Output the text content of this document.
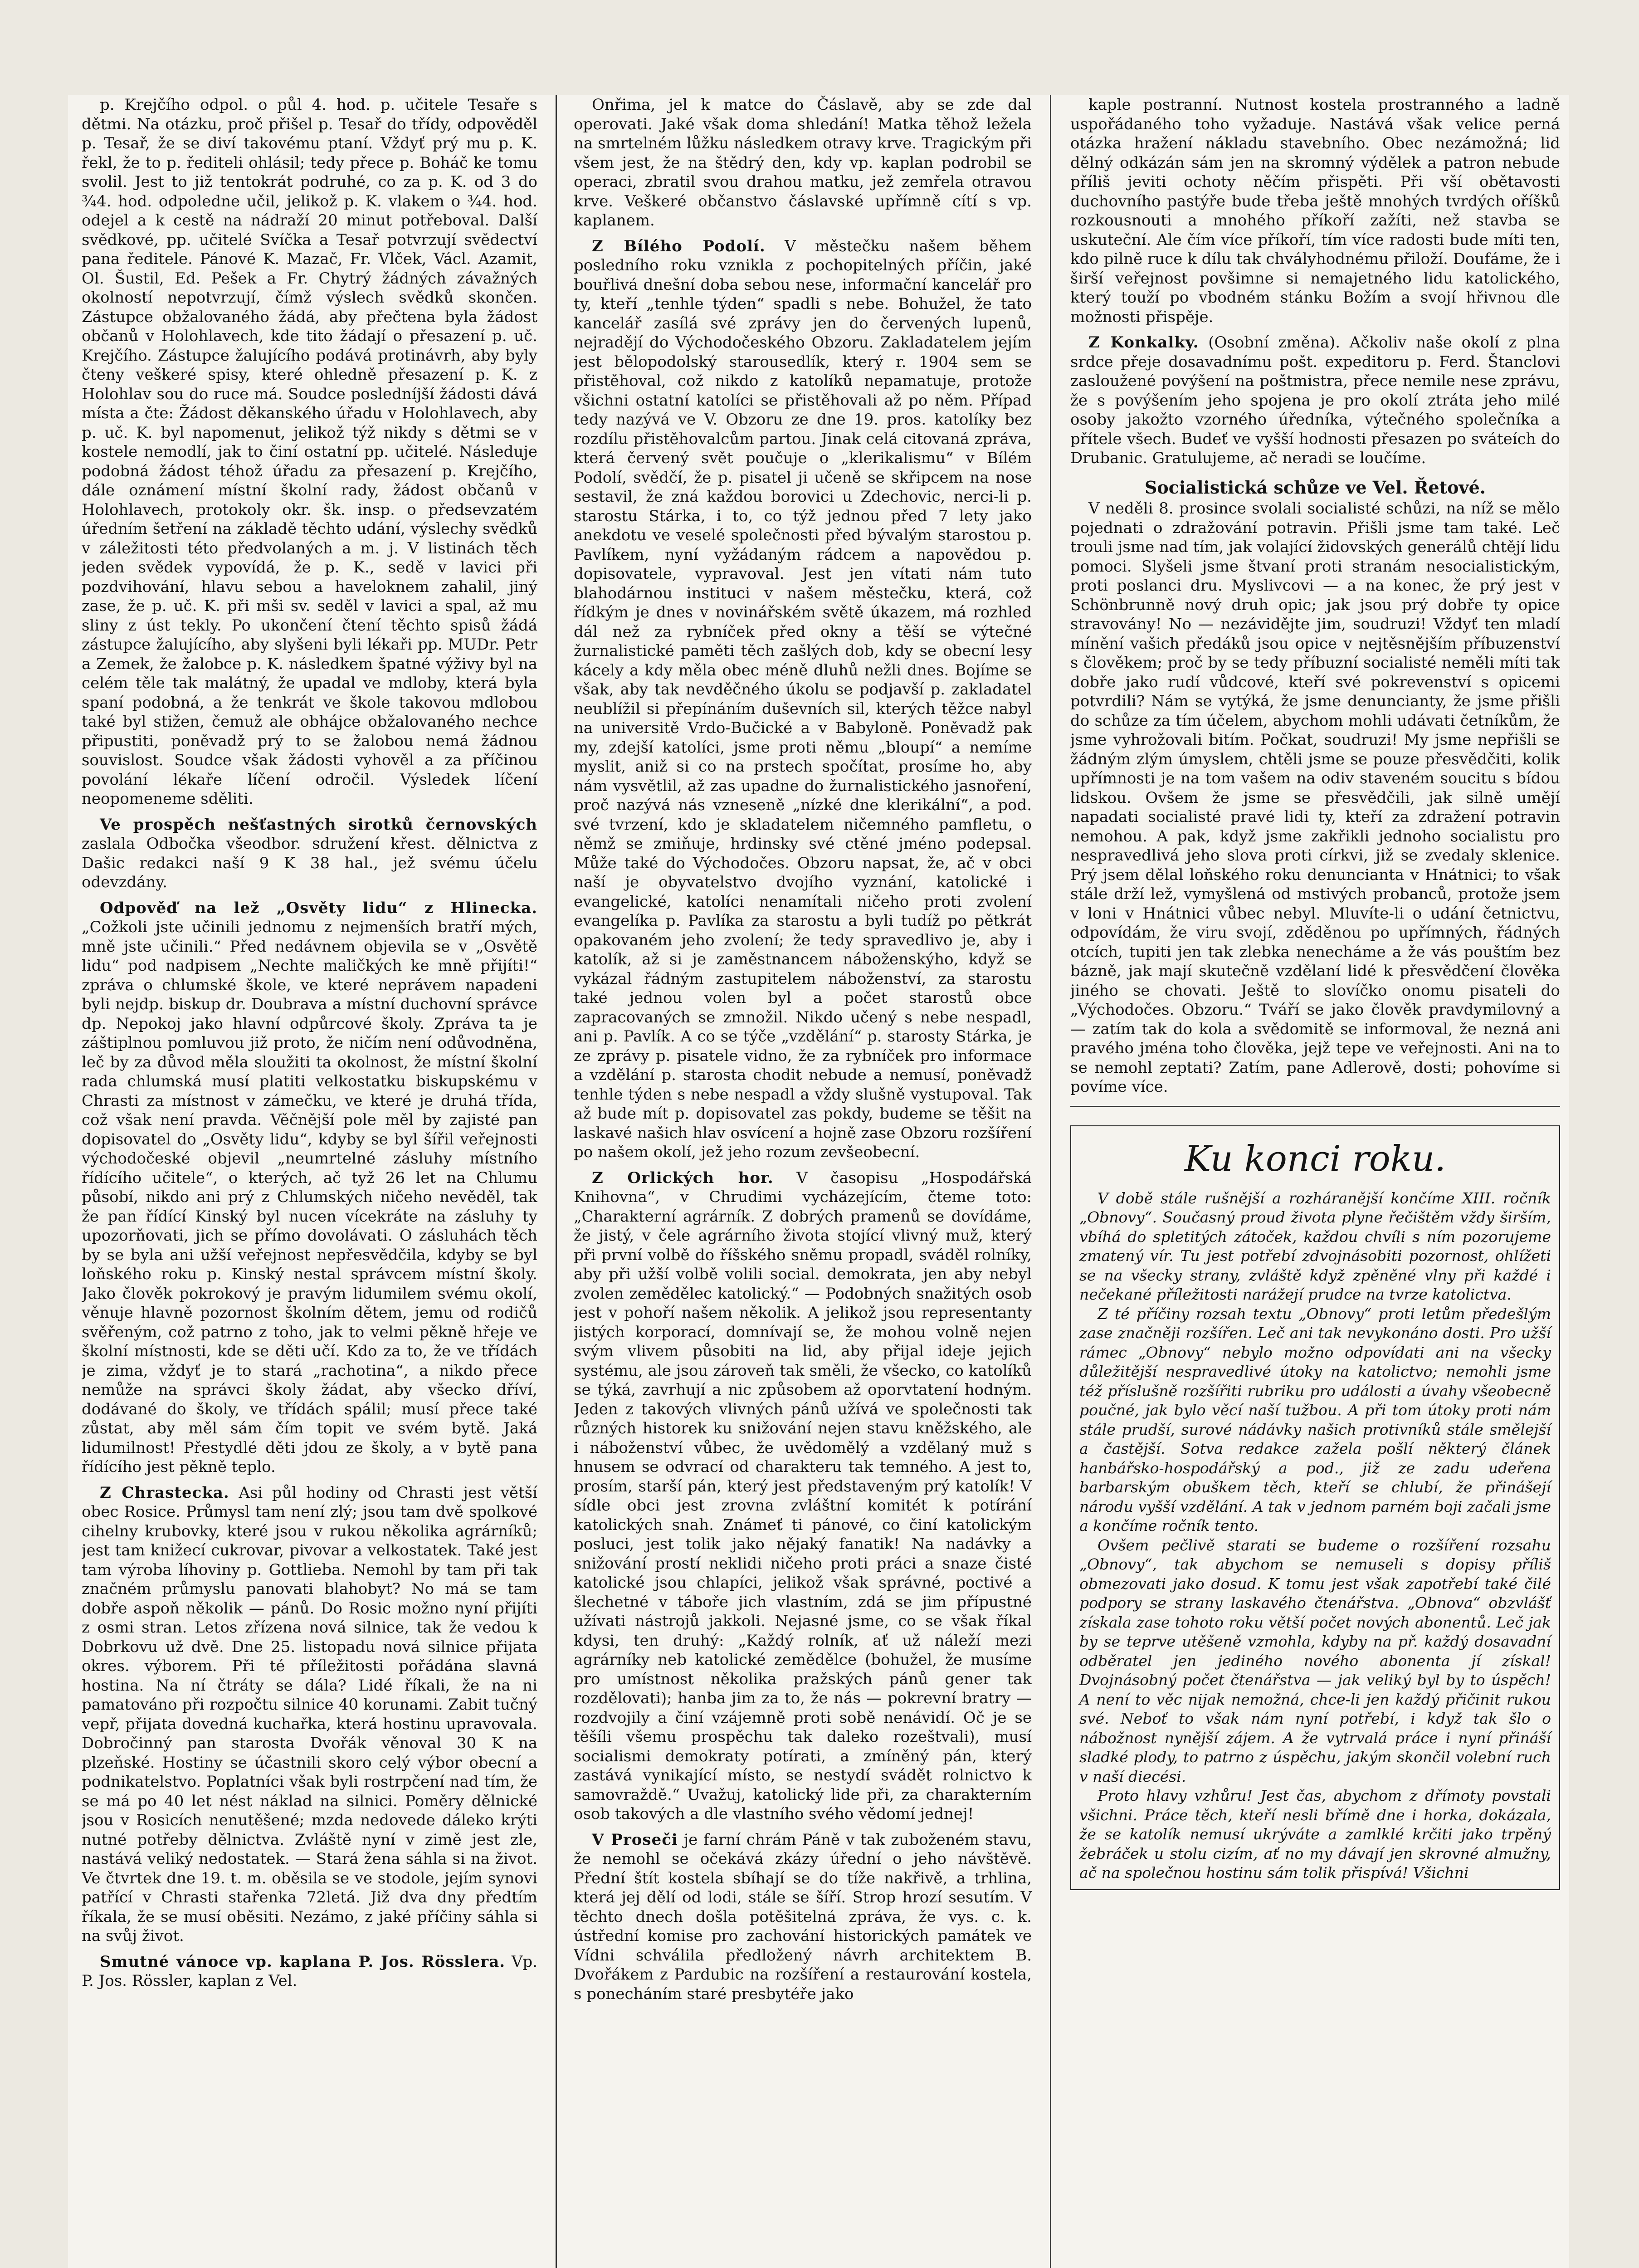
p. Krejčího odpol. o půl 4. hod. p. učitele Tesaře s dětmi. Na otázku, proč přišel p. Tesař do třídy, odpověděl p. Tesař, že se diví takovému ptaní. Vždyť prý mu p. K. řekl, že to p. řediteli ohlásil; tedy přece p. Boháč ke tomu svolil. Jest to již tentokrát podruhé, co za p. K. od 3 do ¾4. hod. odpoledne učil, jelikož p. K. vlakem o ¾4. hod. odejel a k cestě na nádraží 20 minut potřeboval. Další svědkové, pp. učitelé Svíčka a Tesař potvrzují svědectví pana ředitele. Pánové K. Mazač, Fr. Vlček, Václ. Azamit, Ol. Šustil, Ed. Pešek a Fr. Chytrý žádných závažných okolností nepotvrzují, čímž výslech svědků skončen. Zástupce obžalovaného žádá, aby přečtena byla žádost občanů v Holohlavech, kde tito žádají o přesazení p. uč. Krejčího. Zástupce žalujícího podává protinávrh, aby byly čteny veškeré spisy, které ohledně přesazení p. K. z Holohlav sou do ruce má. Soudce posledníjší žádosti dává místa a čte: Žádost děkanského úřadu v Holohlavech, aby p. uč. K. byl napomenut, jelikož týž nikdy s dětmi se v kostele nemodlí, jak to činí ostatní pp. učitelé. Následuje podobná žádost téhož úřadu za přesazení p. Krejčího, dále oznámení místní školní rady, žádost občanů v Holohlavech, protokoly okr. šk. insp. o předsevzatém úředním šetření na základě těchto udání, výslechy svědků v záležitosti této předvolaných a m. j. V listinách těch jeden svědek vypovídá, že p. K., sedě v lavici při pozdvihování, hlavu sebou a haveloknem zahalil, jiný zase, že p. uč. K. při mši sv. seděl v lavici a spal, až mu sliny z úst tekly. Po ukončení čtení těchto spisů žádá zástupce žalujícího, aby slyšeni byli lékaři pp. MUDr. Petr a Zemek, že žalobce p. K. následkem špatné výživy byl na celém těle tak malátný, že upadal ve mdloby, která byla spaní podobná, a že tenkrát ve škole takovou mdlobou také byl stižen, čemuž ale obhájce obžalovaného nechce připustiti, poněvadž prý to se žalobou nemá žádnou souvislost. Soudce však žádosti vyhověl a za příčinou povolání lékaře líčení odročil. Výsledek líčení neopomeneme sděliti.

Ve prospěch nešťastných sirotků černovských zaslala Odbočka všeodbor. sdružení křest. dělnictva z Dašic redakci naší 9 K 38 hal., jež svému účelu odevzdány.

Odpověď na lež „Osvěty lidu“ z Hlinecka. „Cožkoli jste učinili jednomu z nejmenších bratří mých, mně jste učinili.“ Před nedávnem objevila se v „Osvětě lidu“ pod nadpisem „Nechte maličkých ke mně přijíti!“ zpráva o chlumské škole, ve které neprávem napadeni byli nejdp. biskup dr. Doubrava a místní duchovní správce dp. Nepokoj jako hlavní odpůrcové školy. Zpráva ta je záštiplnou pomluvou již proto, že ničím není odůvodněna, leč by za důvod měla sloužiti ta okolnost, že místní školní rada chlumská musí platiti velkostatku biskupskému v Chrasti za místnost v zámečku, ve které je druhá třída, což však není pravda. Věčnější pole měl by zajisté pan dopisovatel do „Osvěty lidu“, kdyby se byl šířil veřejnosti východočeské objevil „neumrtelné zásluhy místního řídícího učitele“, o kterých, ač tyž 26 let na Chlumu působí, nikdo ani prý z Chlumských ničeho nevěděl, tak že pan řídící Kinský byl nucen vícekráte na zásluhy ty upozorňovati, jich se přímo dovolávati. O zásluhách těch by se byla ani užší veřejnost nepřesvědčila, kdyby se byl loňského roku p. Kinský nestal správcem místní školy. Jako člověk pokrokový je pravým lidumilem svému okolí, věnuje hlavně pozornost školním dětem, jemu od rodičů svěřeným, což patrno z toho, jak to velmi pěkně hřeje ve školní místnosti, kde se děti učí. Kdo za to, že ve třídách je zima, vždyť je to stará „rachotina“, a nikdo přece nemůže na správci školy žádat, aby všecko dříví, dodávané do školy, ve třídách spálil; musí přece také zůstat, aby měl sám čím topit ve svém bytě. Jaká lidumilnost! Přestydlé děti jdou ze školy, a v bytě pana řídícího jest pěkně teplo.

Z Chrastecka. Asi půl hodiny od Chrasti jest větší obec Rosice. Průmysl tam není zlý; jsou tam dvě spolkové cihelny krubovky, které jsou v rukou několika agrárníků; jest tam knižecí cukrovar, pivovar a velkostatek. Také jest tam výroba líhoviny p. Gottlieba. Nemohl by tam při tak značném průmyslu panovati blahobyt? No má se tam dobře aspoň několik — pánů. Do Rosic možno nyní přijíti z osmi stran. Letos zřízena nová silnice, tak že vedou k Dobrkovu už dvě. Dne 25. listopadu nová silnice přijata okres. výborem. Při té příležitosti pořádána slavná hostina. Na ní čtráty se dála? Lidé říkali, že na ni pamatováno při rozpočtu silnice 40 korunami. Zabit tučný vepř, přijata dovedná kuchařka, která hostinu upravovala. Dobročinný pan starosta Dvořák věnoval 30 K na plzeňské. Hostiny se účastnili skoro celý výbor obecní a podnikatelstvo. Poplatníci však byli rostrpčení nad tím, že se má po 40 let nést náklad na silnici. Poměry dělnické jsou v Rosicích nenutěšené; mzda nedovede dáleko krýti nutné potřeby dělnictva. Zvláště nyní v zimě jest zle, nastává veliký nedostatek. — Stará žena sáhla si na život. Ve čtvrtek dne 19. t. m. oběsila se ve stodole, jejím synovi patřící v Chrasti stařenka 72letá. Již dva dny předtím říkala, že se musí oběsiti. Nezámo, z jaké příčiny sáhla si na svůj život.

Smutné vánoce vp. kaplana P. Jos. Rösslera. Vp. P. Jos. Rössler, kaplan z Vel.

Onřima, jel k matce do Čáslavě, aby se zde dal operovati. Jaké však doma shledání! Matka těhož ležela na smrtelném lůžku následkem otravy krve. Tragickým při všem jest, že na štědrý den, kdy vp. kaplan podrobil se operaci, zbratil svou drahou matku, jež zemřela otravou krve. Veškeré občanstvo čáslavské upřímně cítí s vp. kaplanem.

Z Bílého Podolí. V městečku našem během posledního roku vznikla z pochopitelných příčin, jaké bouřlivá dnešní doba sebou nese, informační kancelář pro ty, kteří „tenhle týden“ spadli s nebe. Bohužel, že tato kancelář zasílá své zprávy jen do červených lupenů, nejradějí do Východočeského Obzoru. Zakladatelem jejím jest bělopodolský starousedlík, který r. 1904 sem se přistěhoval, což nikdo z katolíků nepamatuje, protože všichni ostatní katolíci se přistěhovali až po něm. Případ tedy nazývá ve V. Obzoru ze dne 19. pros. katolíky bez rozdílu přistěhovalcům partou. Jinak celá citovaná zpráva, která červený svět poučuje o „klerikalismu“ v Bílém Podolí, svědčí, že p. pisatel ji učeně se skřipcem na nose sestavil, že zná každou borovici u Zdechovic, nerci-li p. starostu Stárka, i to, co týž jednou před 7 lety jako anekdotu ve veselé společnosti před bývalým starostou p. Pavlíkem, nyní vyžádaným rádcem a napovědou p. dopisovatele, vypravoval. Jest jen vítati nám tuto blahodárnou instituci v našem městečku, která, což řídkým je dnes v novinářském světě úkazem, má rozhled dál než za rybníček před okny a těší se výtečné žurnalistické paměti těch zašlých dob, kdy se obecní lesy kácely a kdy měla obec méně dluhů nežli dnes. Bojíme se však, aby tak nevděčného úkolu se podjavší p. zakladatel neublížil si přepínáním duševních sil, kterých těžce nabyl na universitě Vrdo-Bučické a v Babyloně. Poněvadž pak my, zdejší katolíci, jsme proti němu „bloupí“ a nemíme myslit, aniž si co na prstech spočítat, prosíme ho, aby nám vysvětlil, až zas upadne do žurnalistického jasnoření, proč nazývá nás vzneseně „nízké dne klerikální“, a pod. své tvrzení, kdo je skladatelem ničemného pamfletu, o němž se zmiňuje, hrdinsky své ctěné jméno podepsal. Může také do Východočes. Obzoru napsat, že, ač v obci naší je obyvatelstvo dvojího vyznání, katolické i evangelické, katolíci nenamítali ničeho proti zvolení evangelíka p. Pavlíka za starostu a byli tudíž po pětkrát opakovaném jeho zvolení; že tedy spravedlivo je, aby i katolík, až si je zaměstnancem náboženskýho, když se vykázal řádným zastupitelem náboženství, za starostu také jednou volen byl a počet starostů obce zapracovaných se zmnožil. Nikdo učený s nebe nespadl, ani p. Pavlík. A co se týče „vzdělání“ p. starosty Stárka, je ze zprávy p. pisatele vidno, že za rybníček pro informace a vzdělání p. starosta chodit nebude a nemusí, poněvadž tenhle týden s nebe nespadl a vždy slušně vystupoval. Tak až bude mít p. dopisovatel zas pokdy, budeme se těšit na laskavé našich hlav osvícení a hojně zase Obzoru rozšíření po našem okolí, jež jeho rozum zevšeobecní.

Z Orlických hor. V časopisu „Hospodářská Knihovna“, v Chrudimi vycházejícím, čteme toto: „Charakterní agrárník. Z dobrých pramenů se dovídáme, že jistý, v čele agrárního života stojící vlivný muž, který při první volbě do říšského sněmu propadl, sváděl rolníky, aby při užší volbě volili social. demokrata, jen aby nebyl zvolen zemědělec katolický.“ — Podobných snažitých osob jest v pohoří našem několik. A jelikož jsou representanty jistých korporací, domnívají se, že mohou volně nejen svým vlivem působiti na lid, aby přijal ideje jejich systému, ale jsou zároveň tak směli, že všecko, co katolíků se týká, zavrhují a nic způsobem až oporvtatení hodným. Jeden z takových vlivných pánů užívá ve společnosti tak různých historek ku snižování nejen stavu kněžského, ale i náboženství vůbec, že uvědomělý a vzdělaný muž s hnusem se odvrací od charakteru tak temného. A jest to, prosím, starší pán, který jest představeným prý katolík! V sídle obci jest zrovna zvláštní komitét k potírání katolických snah. Známeť ti pánové, co činí katolickým posluci, jest tolik jako nějaký fanatik! Na nadávky a snižování prostí neklidi ničeho proti práci a snaze čisté katolické jsou chlapíci, jelikož však správné, poctivé a šlechetné v táboře jich vlastním, zdá se jim přípustné užívati nástrojů jakkoli. Nejasné jsme, co se však říkal kdysi, ten druhý: „Každý rolník, ať už náleží mezi agrárníky neb katolické zemědělce (bohužel, že musíme pro umístnost několika pražských pánů gener tak rozdělovati); hanba jim za to, že nás — pokrevní bratry — rozdvojily a činí vzájemně proti sobě nenávidí. Oč je se těšíli všemu prospěchu tak daleko rozeštvali), musí socialismi demokraty potírati, a zmíněný pán, který zastává vynikající místo, se nestydí svádět rolnictvo k samovraždě.“ Uvažuj, katolický lide při, za charakterním osob takových a dle vlastního svého vědomí jednej!

V Proseči je farní chrám Páně v tak zuboženém stavu, že nemohl se očekává zkázy úřední o jeho návštěvě. Přední štít kostela sbíhají se do tíže nakřivě, a trhlina, která jej dělí od lodi, stále se šíří. Strop hrozí sesutím. V těchto dnech došla potěšitelná zpráva, že vys. c. k. ústřední komise pro zachování historických památek ve Vídni schválila předložený návrh architektem B. Dvořákem z Pardubic na rozšíření a restaurování kostela, s ponecháním staré presbytéře jako

kaple postranní. Nutnost kostela prostranného a ladně uspořádaného toho vyžaduje. Nastává však velice perná otázka hražení nákladu stavebního. Obec nezámožná; lid dělný odkázán sám jen na skromný výdělek a patron nebude příliš jeviti ochoty něčím přispěti. Při vší obětavosti duchovního pastýře bude třeba ještě mnohých tvrdých oříšků rozkousnouti a mnohého příkoří zažíti, než stavba se uskuteční. Ale čím více příkoří, tím více radosti bude míti ten, kdo pilně ruce k dílu tak chvályhodnému přiloží. Doufáme, že i širší veřejnost povšimne si nemajetného lidu katolického, který touží po vbodném stánku Božím a svojí hřivnou dle možnosti přispěje.

Z Konkalky. (Osobní změna). Ačkoliv naše okolí z plna srdce přeje dosavadnímu pošt. expeditoru p. Ferd. Štanclovi zasloužené povýšení na poštmistra, přece nemile nese zprávu, že s povýšením jeho spojena je pro okolí ztráta jeho milé osoby jakožto vzorného úředníka, výtečného společníka a přítele všech. Budeť ve vyšší hodnosti přesazen po sváteích do Drubanic. Gratulujeme, ač neradi se loučíme.

Socialistická schůze ve Vel. Řetové.

V neděli 8. prosince svolali socialisté schůzi, na níž se mělo pojednati o zdražování potravin. Přišli jsme tam také. Leč trouli jsme nad tím, jak volající židovských generálů chtějí lidu pomoci. Slyšeli jsme štvaní proti stranám nesocialistickým, proti poslanci dru. Myslivcovi — a na konec, že prý jest v Schönbrunně nový druh opic; jak jsou prý dobře ty opice stravovány! No — nezávidějte jim, soudruzi! Vždyť ten mladí mínění vašich předáků jsou opice v nejtěsnějším příbuzenství s člověkem; proč by se tedy příbuzní socialisté neměli míti tak dobře jako rudí vůdcové, kteří své pokrevenství s opicemi potvrdili? Nám se vytýká, že jsme denuncianty, že jsme přišli do schůze za tím účelem, abychom mohli udávati četníkům, že jsme vyhrožovali bitím. Počkat, soudruzi! My jsme nepřišli se žádným zlým úmyslem, chtěli jsme se pouze přesvědčiti, kolik upřímnosti je na tom vašem na odiv staveném soucitu s bídou lidskou. Ovšem že jsme se přesvědčili, jak silně umějí napadati socialisté pravé lidi ty, kteří za zdražení potravin nemohou. A pak, když jsme zakřikli jednoho socialistu pro nespravedlivá jeho slova proti církvi, již se zvedaly sklenice. Prý jsem dělal loňského roku denuncianta v Hnátnici; to však stále drží lež, vymyšlená od mstivých probanců, protože jsem v loni v Hnátnici vůbec nebyl. Mluvíte-li o udání četnictvu, odpovídám, že viru svojí, zděděnou po upřímných, řádných otcích, tupiti jen tak zlebka nenecháme a že vás pouštím bez bázně, jak mají skutečně vzdělaní lidé k přesvědčení člověka jiného se chovati. Ještě to slovíčko onomu pisateli do „Východočes. Obzoru.“ Tváří se jako člověk pravdymilovný a — zatím tak do kola a svědomitě se informoval, že nezná ani pravého jména toho člověka, jejž tepe ve veřejnosti. Ani na to se nemohl zeptati? Zatím, pane Adlerově, dosti; pohovíme si povíme více.

Ku konci roku.

V době stále rušnější a rozháranější končíme XIII. ročník „Obnovy“. Současný proud života plyne řečištěm vždy širším, vbíhá do spletitých zátoček, každou chvíli s ním pozorujeme zmatený vír. Tu jest potřebí zdvojnásobiti pozornost, ohlížeti se na všecky strany, zvláště když zpěněné vlny při každé i nečekané příležitosti narážejí prudce na tvrze katolictva.

Z té příčiny rozsah textu „Obnovy“ proti letům předešlým zase značněji rozšířen. Leč ani tak nevykonáno dosti. Pro užší rámec „Obnovy“ nebylo možno odpovídati ani na všecky důležitější nespravedlivé útoky na katolictvo; nemohli jsme též příslušně rozšířiti rubriku pro události a úvahy všeobecně poučné, jak bylo věcí naší tužbou. A při tom útoky proti nám stále prudší, surové nádávky našich protivníků stále smělejší a častější. Sotva redakce zažela pošlí některý článek hanbářsko-hospodářský a pod., již ze zadu udeřena barbarským obuškem těch, kteří se chlubí, že přinášejí národu vyšší vzdělání. A tak v jednom parném boji začali jsme a končíme ročník tento.

Ovšem pečlivě starati se budeme o rozšíření rozsahu „Obnovy“, tak abychom se nemuseli s dopisy příliš obmezovati jako dosud. K tomu jest však zapotřebí také čilé podpory se strany laskavého čtenářstva. „Obnova“ obzvlášť získala zase tohoto roku větší počet nových abonentů. Leč jak by se teprve utěšeně vzmohla, kdyby na př. každý dosavadní odběratel jen jediného nového abonenta jí získal! Dvojnásobný počet čtenářstva — jak veliký byl by to úspěch! A není to věc nijak nemožná, chce-li jen každý přičinit rukou své. Neboť to však nám nyní potřebí, i když tak šlo o nábožnost nynější zájem. A že vytrvalá práce i nyní přináší sladké plody, to patrno z úspěchu, jakým skončil volební ruch v naší diecési.

Proto hlavy vzhůru! Jest čas, abychom z dřímoty povstali všichni. Práce těch, kteří nesli břímě dne i horka, dokázala, že se katolík nemusí ukrýváte a zamlklé krčiti jako trpěný žebráček u stolu cizím, ať no my dávají jen skrovné almužny, ač na společnou hostinu sám tolik přispívá! Všichni
